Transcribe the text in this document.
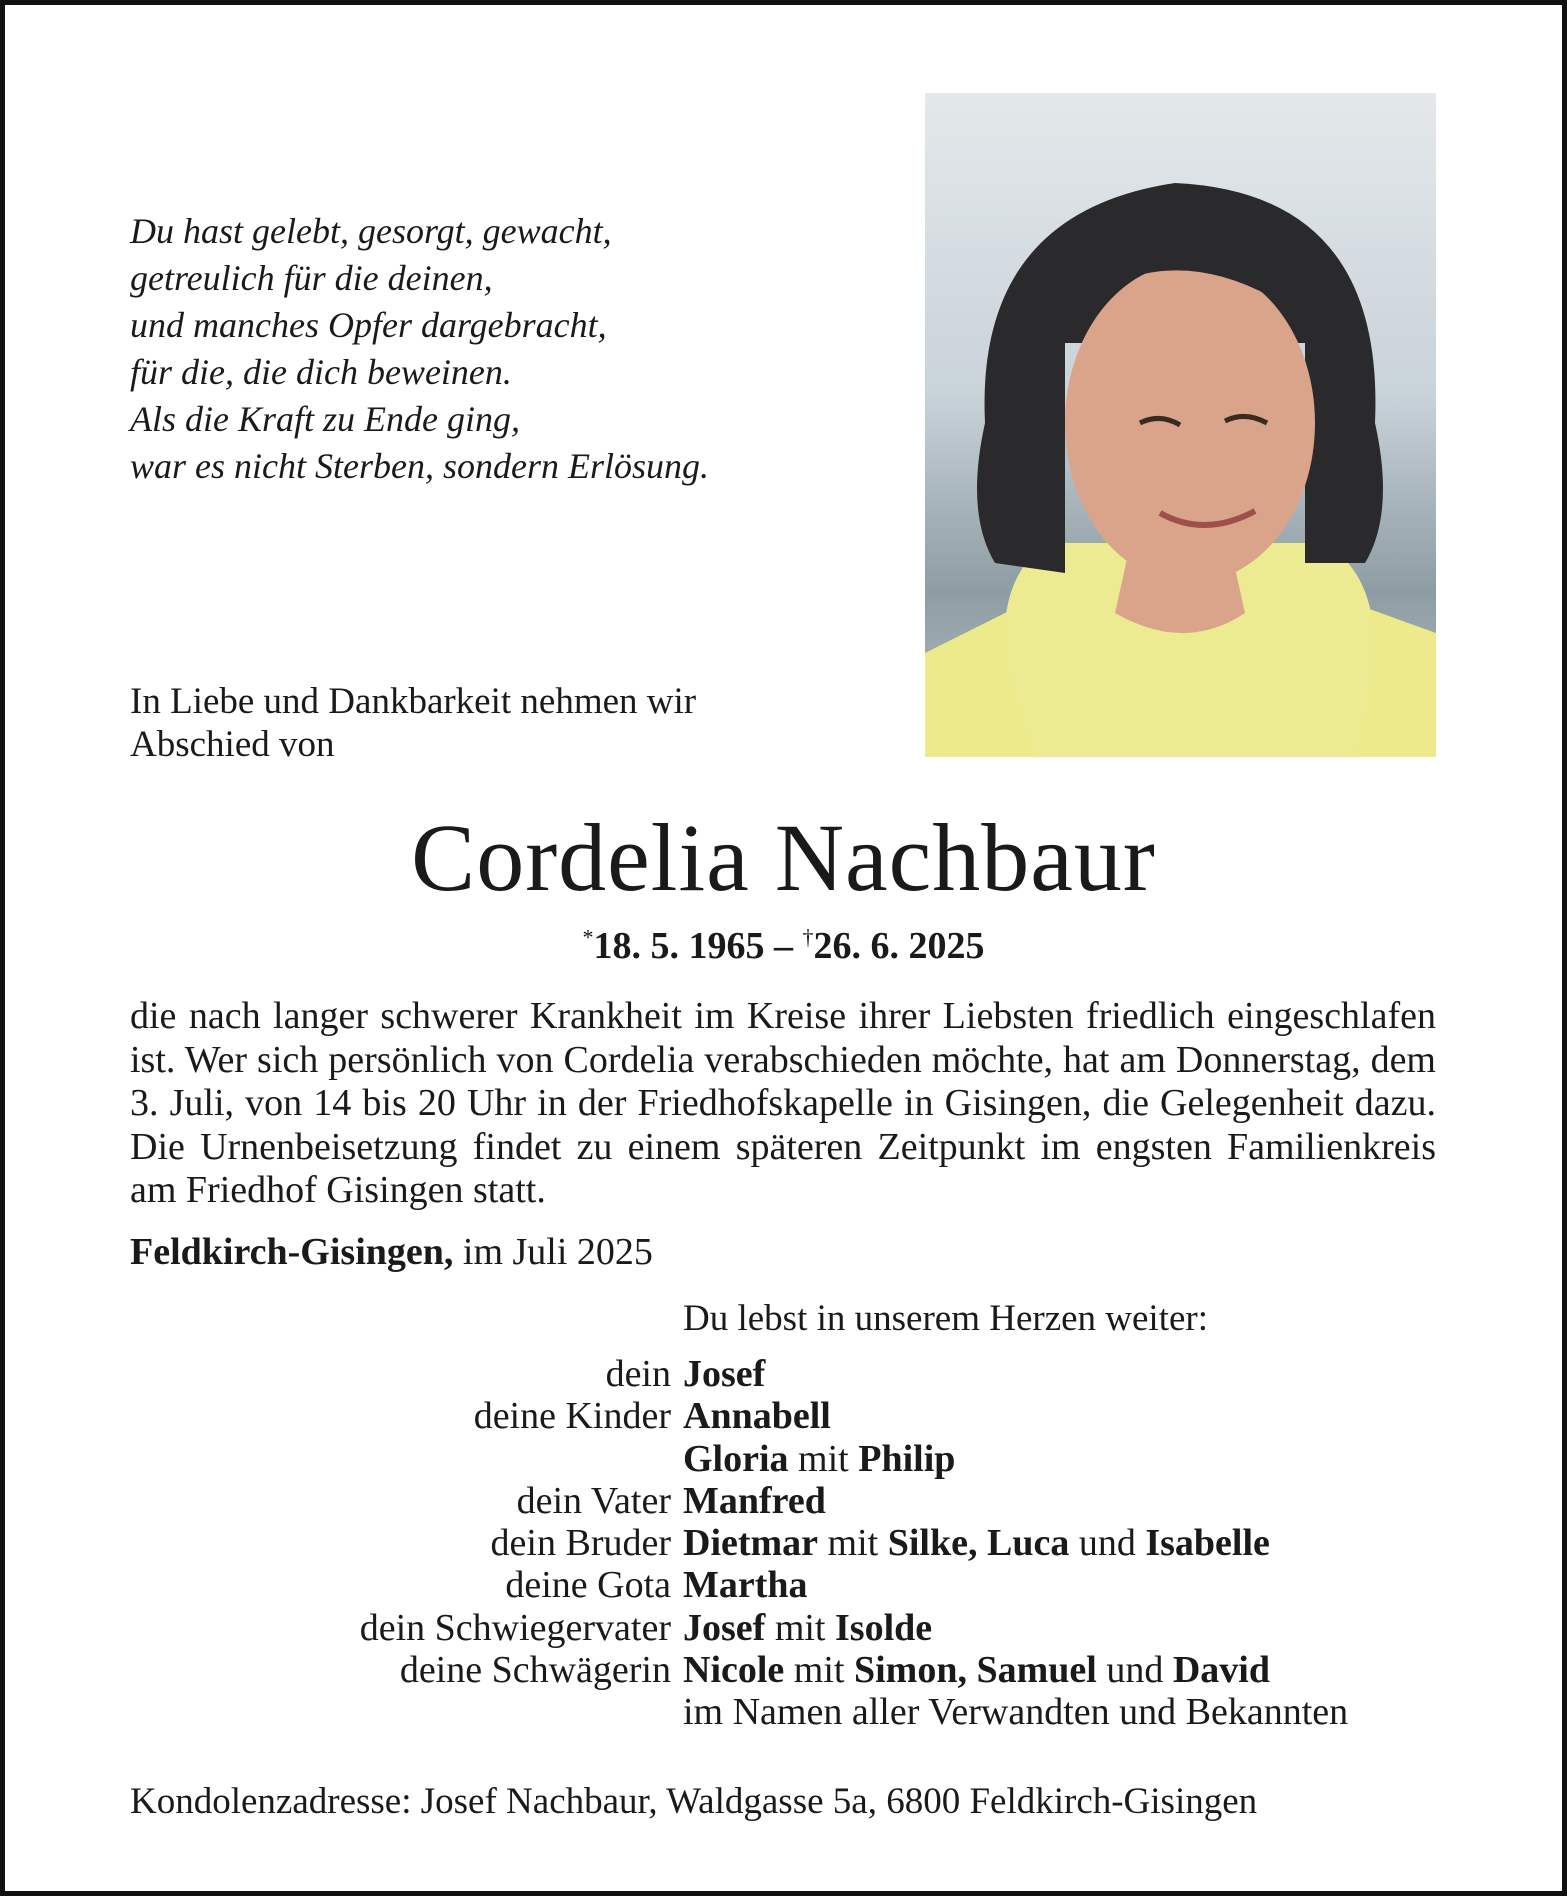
Du hast gelebt, gesorgt, gewacht,
getreulich für die deinen,
und manches Opfer dargebracht,
für die, die dich beweinen.
Als die Kraft zu Ende ging,
war es nicht Sterben, sondern Erlösung.
In Liebe und Dankbarkeit nehmen wir
Abschied von
Cordelia Nachbaur
*18. 5. 1965 – †26. 6. 2025
die nach langer schwerer Krankheit im Kreise ihrer Liebsten friedlich eingeschlafen ist. Wer sich persönlich von Cordelia verabschieden möchte, hat am Donnerstag, dem 3. Juli, von 14 bis 20 Uhr in der Friedhofskapelle in Gisingen, die Gelegenheit dazu. Die Urnenbeisetzung findet zu einem späteren Zeitpunkt im engsten Familienkreis am Friedhof Gisingen statt.
Feldkirch-Gisingen, im Juli 2025
Du lebst in unserem Herzen weiter:
dein Josef
deine Kinder Annabell
Gloria mit Philip
dein Vater Manfred
dein Bruder Dietmar mit Silke, Luca und Isabelle
deine Gota Martha
dein Schwiegervater Josef mit Isolde
deine Schwägerin Nicole mit Simon, Samuel und David
im Namen aller Verwandten und Bekannten
Kondolenzadresse: Josef Nachbaur, Waldgasse 5a, 6800 Feldkirch-Gisingen
